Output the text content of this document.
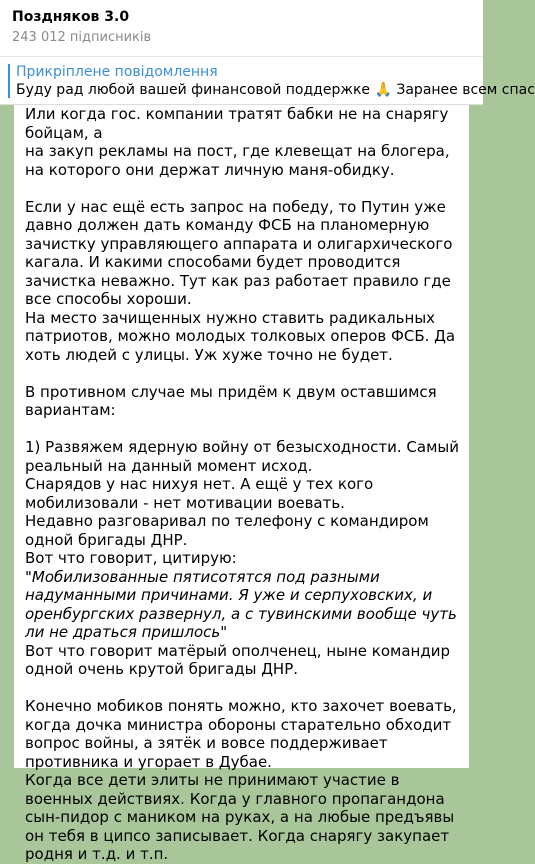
Поздняков 3.0
243 012 підписників
Прикріплене повідомлення
Буду рад любой вашей финансовой поддержке 🙏 Заранее всем спас

Или когда гос. компании тратят бабки не на снарягу бойцам, а

на закуп рекламы на пост, где клевещат на блогера, на которого они держат личную маня-обидку.

Если у нас ещё есть запрос на победу, то Путин уже давно должен дать команду ФСБ на планомерную зачистку управляющего аппарата и олигархического кагала. И какими способами будет проводится зачистка неважно. Тут как раз работает правило где все способы хороши.

На место зачищенных нужно ставить радикальных патриотов, можно молодых толковых оперов ФСБ. Да хоть людей с улицы. Уж хуже точно не будет.

В противном случае мы придём к двум оставшимся вариантам:

1) Развяжем ядерную войну от безысходности. Самый реальный на данный момент исход.

Снарядов у нас нихуя нет. А ещё у тех кого мобилизовали - нет мотивации воевать.

Недавно разговаривал по телефону с командиром одной бригады ДНР.

Вот что говорит, цитирую:

"Мобилизованные пятисотятся под разными надуманными причинами. Я уже и серпуховских, и оренбургских развернул, а с тувинскими вообще чуть ли не драться пришлось"

Вот что говорит матёрый ополченец, ныне командир одной очень крутой бригады ДНР.

Конечно мобиков понять можно, кто захочет воевать, когда дочка министра обороны старательно обходит вопрос войны, а зятёк и вовсе поддерживает противника и угорает в Дубае.

Когда все дети элиты не принимают участие в военных действиях. Когда у главного пропагандона сын-пидор с маником на руках, а на любые предъявы он тебя в ципсо записывает. Когда снарягу закупает родня и т.д. и т.п.
